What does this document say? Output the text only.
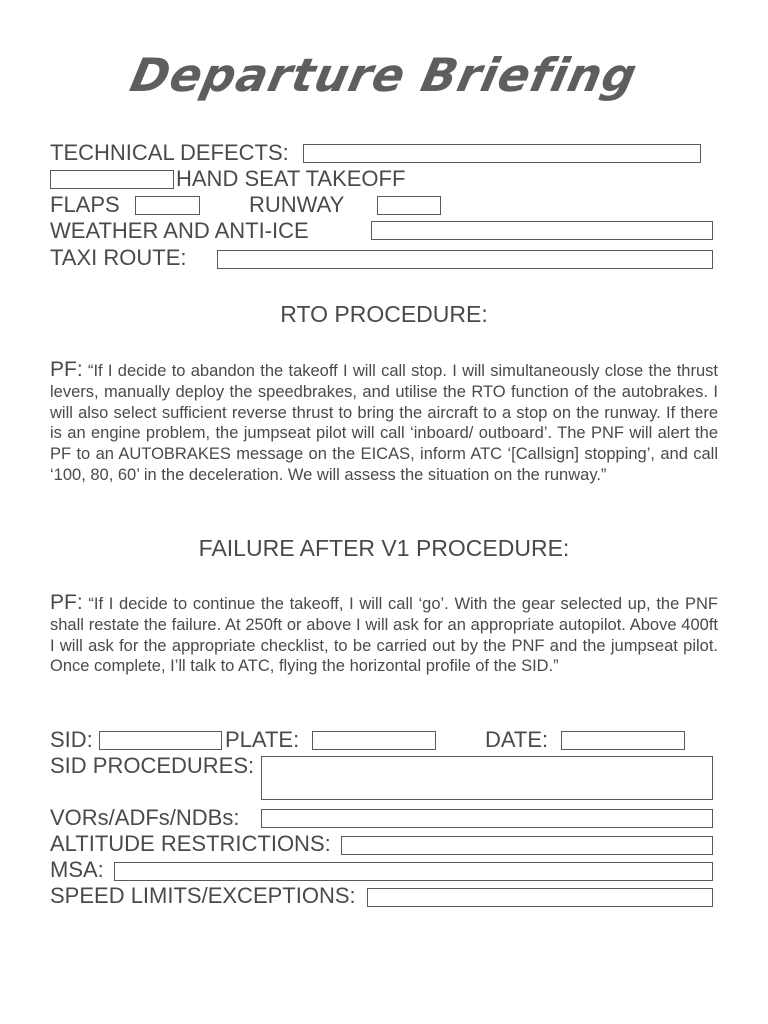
Departure Briefing
TECHNICAL DEFECTS:
HAND SEAT TAKEOFF
FLAPS	RUNWAY
WEATHER AND ANTI-ICE
TAXI ROUTE:
RTO PROCEDURE:
PF: “If I decide to abandon the takeoff I will call stop. I will simultaneously close the thrust levers, manually deploy the speedbrakes, and utilise the RTO function of the autobrakes. I will also select sufficient reverse thrust to bring the aircraft to a stop on the runway. If there is an engine problem, the jumpseat pilot will call ‘inboard/ outboard’. The PNF will alert the PF to an AUTOBRAKES message on the EICAS, inform ATC ‘[Callsign] stopping’, and call ‘100, 80, 60’ in the deceleration. We will assess the situation on the runway.”
FAILURE AFTER V1 PROCEDURE:
PF: “If I decide to continue the takeoff, I will call ‘go’. With the gear selected up, the PNF shall restate the failure. At 250ft or above I will ask for an appropriate autopilot. Above 400ft I will ask for the appropriate checklist, to be carried out by the PNF and the jumpseat pilot. Once complete, I’ll talk to ATC, flying the horizontal profile of the SID.”
SID:	PLATE:	DATE:
SID PROCEDURES:
VORs/ADFs/NDBs:
ALTITUDE RESTRICTIONS:
MSA:
SPEED LIMITS/EXCEPTIONS:
